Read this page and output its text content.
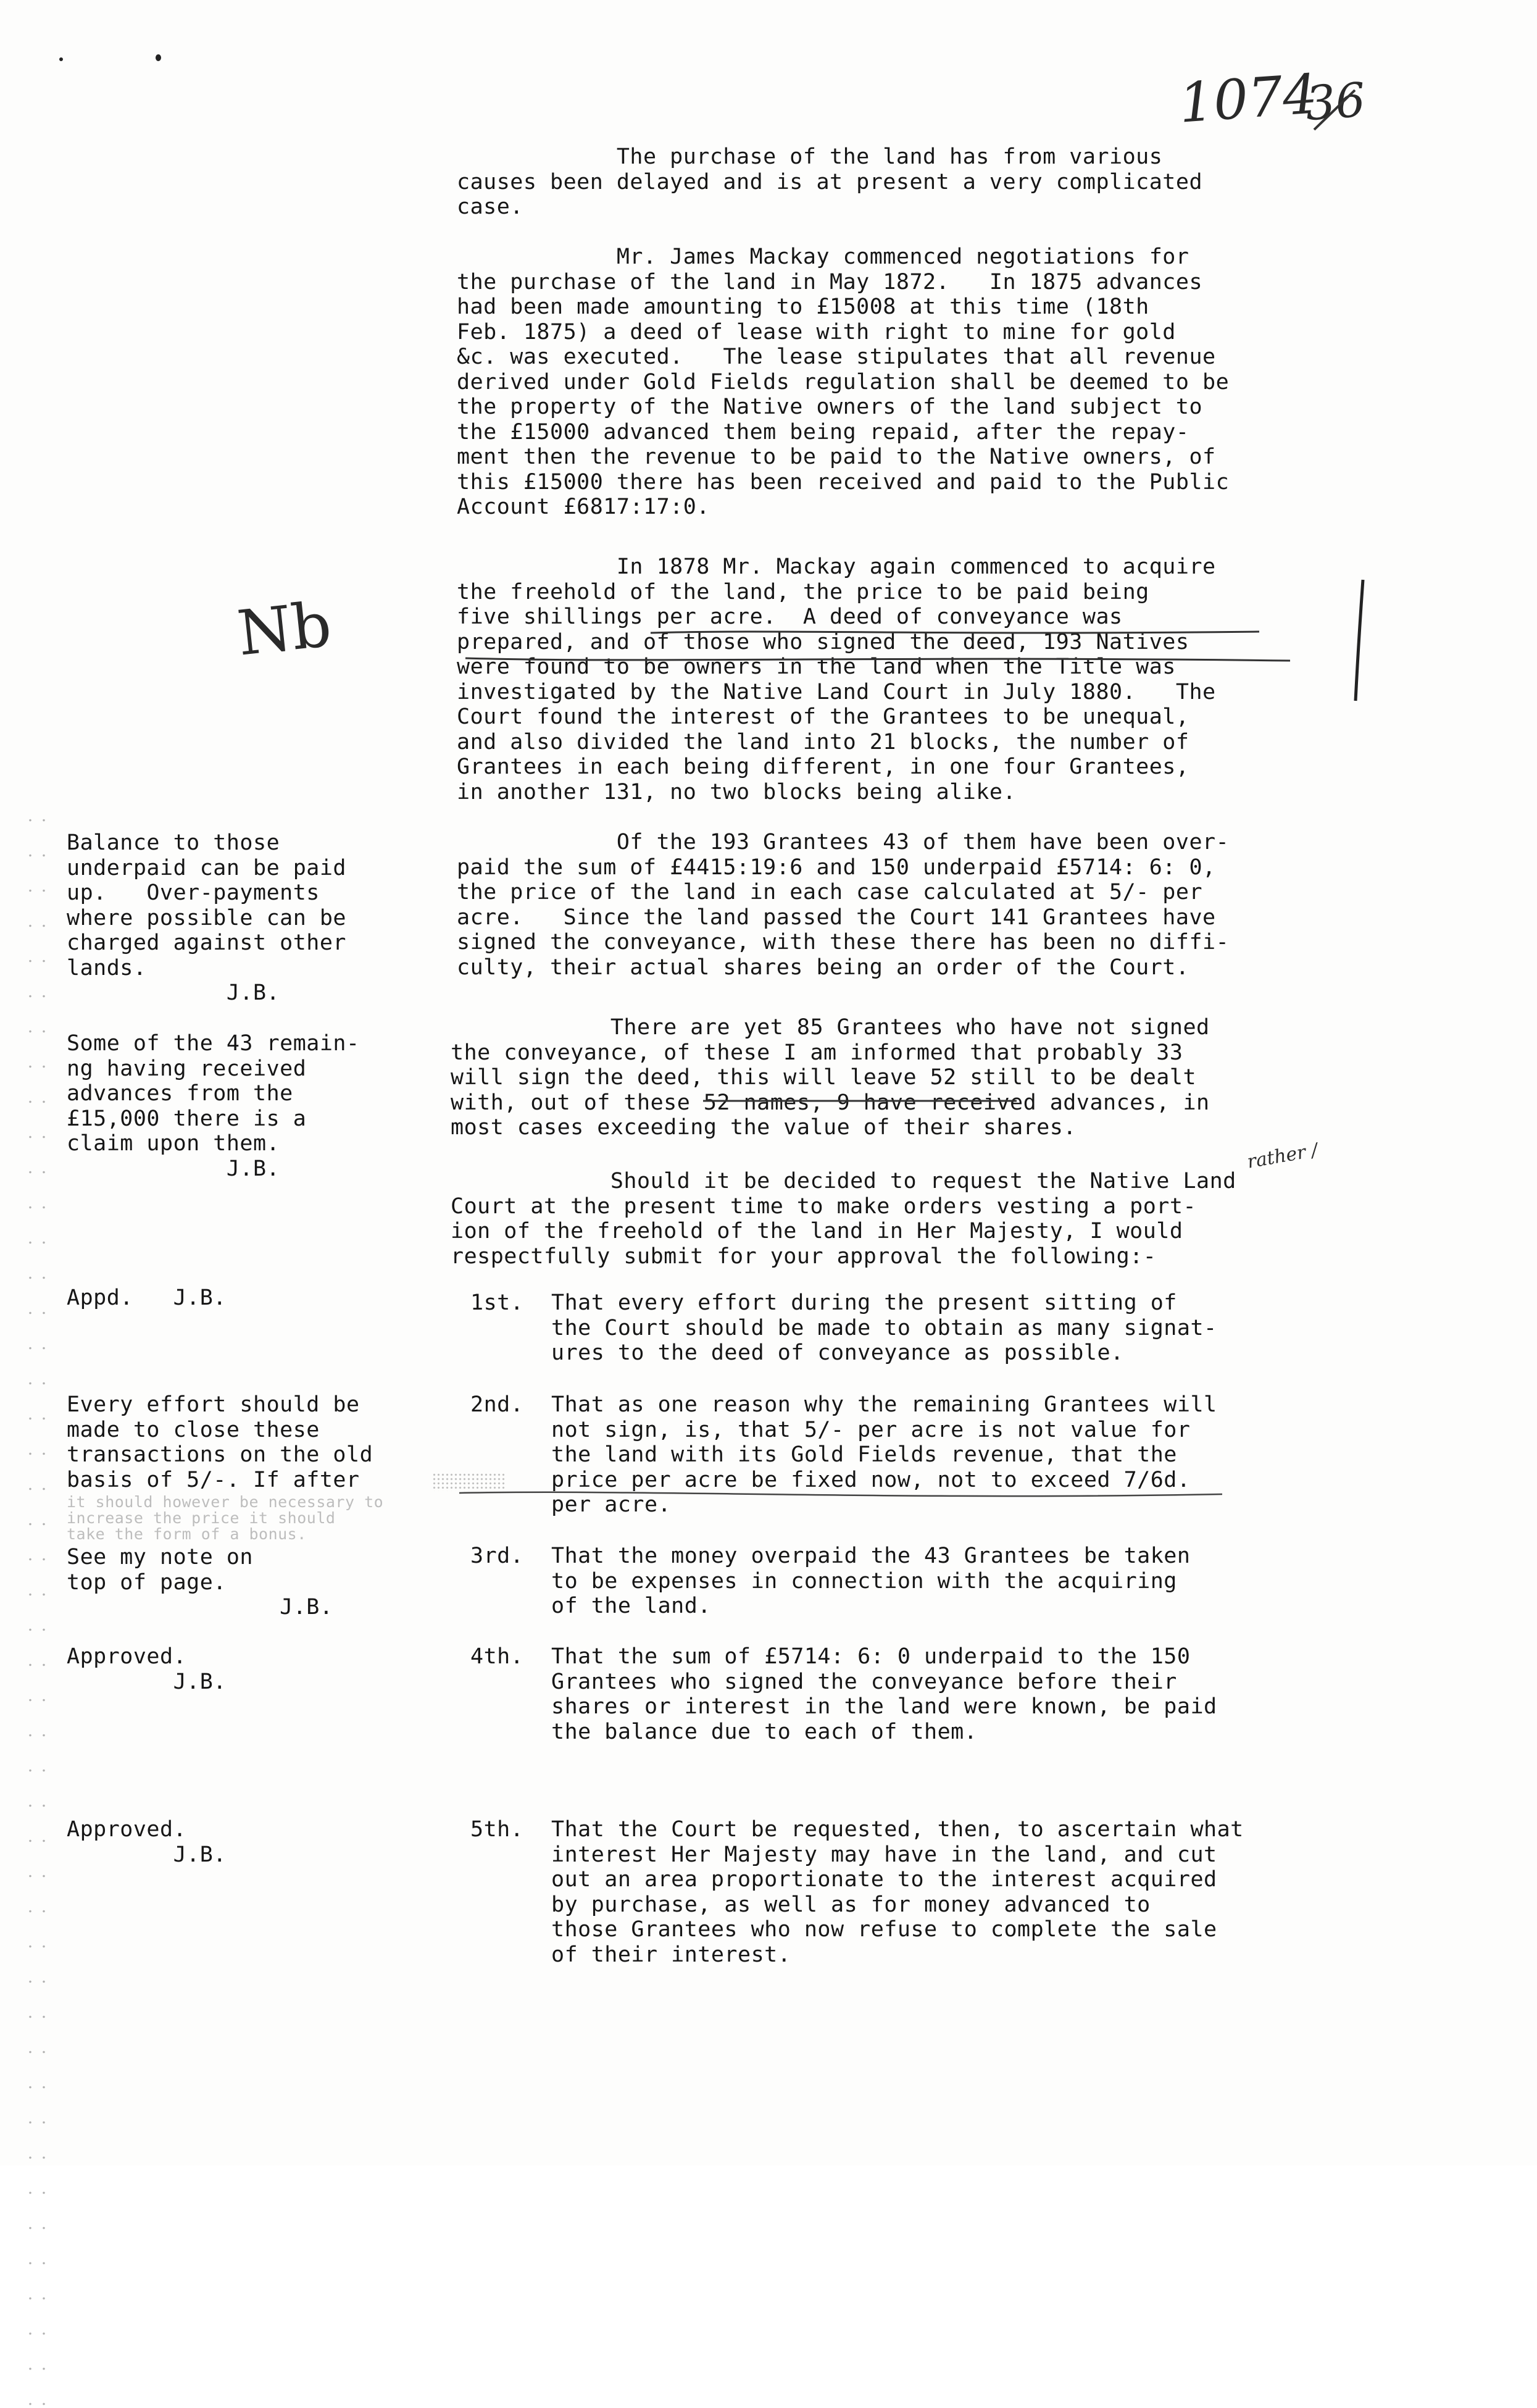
1074
36
Nb
rather /
The purchase of the land has from various
causes been delayed and is at present a very complicated
case.
Mr. James Mackay commenced negotiations for
the purchase of the land in May 1872.   In 1875 advances
had been made amounting to £15008 at this time (18th
Feb. 1875) a deed of lease with right to mine for gold
&c. was executed.   The lease stipulates that all revenue
derived under Gold Fields regulation shall be deemed to be
the property of the Native owners of the land subject to
the £15000 advanced them being repaid, after the repay-
ment then the revenue to be paid to the Native owners, of
this £15000 there has been received and paid to the Public
Account £6817:17:0.
In 1878 Mr. Mackay again commenced to acquire
the freehold of the land, the price to be paid being
five shillings per acre.  A deed of conveyance was
prepared, and of those who signed the deed, 193 Natives
were found to be owners in the land when the Title was
investigated by the Native Land Court in July 1880.   The
Court found the interest of the Grantees to be unequal,
and also divided the land into 21 blocks, the number of
Grantees in each being different, in one four Grantees,
in another 131, no two blocks being alike.
Of the 193 Grantees 43 of them have been over-
paid the sum of £4415:19:6 and 150 underpaid £5714: 6: 0,
the price of the land in each case calculated at 5/- per
acre.   Since the land passed the Court 141 Grantees have
signed the conveyance, with these there has been no diffi-
culty, their actual shares being an order of the Court.
There are yet 85 Grantees who have not signed
the conveyance, of these I am informed that probably 33
will sign the deed, this will leave 52 still to be dealt
with, out of these 52 names, 9 have received advances, in
most cases exceeding the value of their shares.
Should it be decided to request the Native Land
Court at the present time to make orders vesting a port-
ion of the freehold of the land in Her Majesty, I would
respectfully submit for your approval the following:-
1st. That every effort during the present sitting of
the Court should be made to obtain as many signat-
ures to the deed of conveyance as possible.
2nd. That as one reason why the remaining Grantees will
not sign, is, that 5/- per acre is not value for
the land with its Gold Fields revenue, that the
price per acre be fixed now, not to exceed 7/6d.
per acre.
3rd. That the money overpaid the 43 Grantees be taken
to be expenses in connection with the acquiring
of the land.
4th. That the sum of £5714: 6: 0 underpaid to the 150
Grantees who signed the conveyance before their
shares or interest in the land were known, be paid
the balance due to each of them.
5th. That the Court be requested, then, to ascertain what
interest Her Majesty may have in the land, and cut
out an area proportionate to the interest acquired
by purchase, as well as for money advanced to
those Grantees who now refuse to complete the sale
of their interest.
Balance to those
underpaid can be paid
up.   Over-payments
where possible can be
charged against other
lands.
J.B.
Some of the 43 remain-
ng having received
advances from the
£15,000 there is a
claim upon them.
J.B.
Appd.   J.B.
Every effort should be
made to close these
transactions on the old
basis of 5/-. If after
it should however be necessary to
increase the price it should
take the form of a bonus.
See my note on
top of page.
J.B.
Approved.
J.B.
Approved.
J.B.
